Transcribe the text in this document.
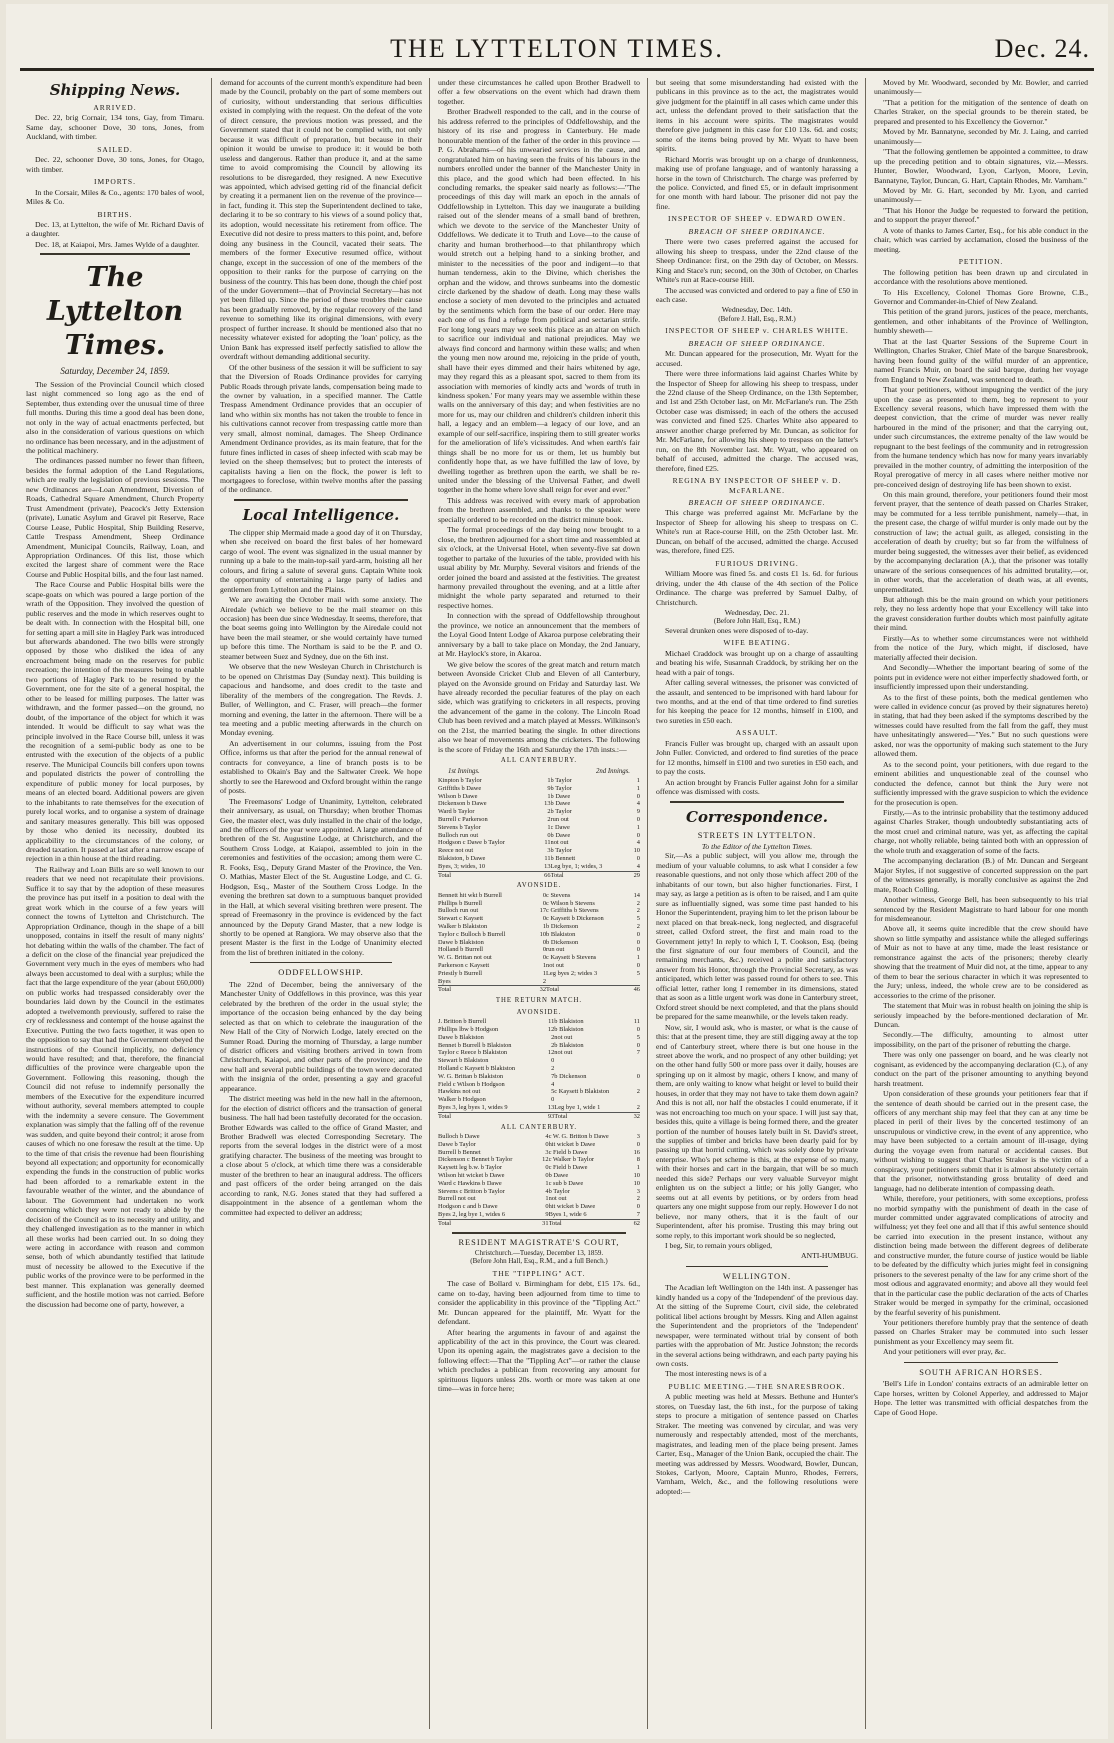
THE LYTTELTON TIMES.	Dec. 24.
Shipping News.
ARRIVED.

Dec. 22, brig Cornair, 134 tons, Gay, from Timaru. Same day, schooner Dove, 30 tons, Jones, from Auckland, with timber.

SAILED.

Dec. 22, schooner Dove, 30 tons, Jones, for Otago, with timber.

IMPORTS.

In the Corsair, Miles & Co., agents: 170 bales of wool, Miles & Co.

BIRTHS.

Dec. 13, at Lyttelton, the wife of Mr. Richard Davis of a daughter.

Dec. 18, at Kaiapoi, Mrs. James Wylde of a daughter.

The Lyttelton Times.
Saturday, December 24, 1859.

The Session of the Provincial Council which closed last night commenced so long ago as the end of September, thus extending over the unusual time of three full months. During this time a good deal has been done, not only in the way of actual enactments perfected, but also in the consideration of various questions on which no ordinance has been necessary, and in the adjustment of the political machinery.

The ordinances passed number no fewer than fifteen, besides the formal adoption of the Land Regulations, which are really the legislation of previous sessions. The new Ordinances are—Loan Amendment, Diversion of Roads, Cathedral Square Amendment, Church Property Trust Amendment (private), Peacock's Jetty Extension (private), Lunatic Asylum and Gravel pit Reserve, Race Course Lease, Public Hospital, Ship Building Reserve, Cattle Trespass Amendment, Sheep Ordinance Amendment, Municipal Councils, Railway, Loan, and Appropriation Ordinances. Of this list, those which excited the largest share of comment were the Race Course and Public Hospital bills, and the four last named.

The Race Course and Public Hospital bills were the scape-goats on which was poured a large portion of the wrath of the Opposition. They involved the question of public reserves and the mode in which reserves ought to be dealt with. In connection with the Hospital bill, one for setting apart a mill site in Hagley Park was introduced but afterwards abandoned. The two bills were strongly opposed by those who disliked the idea of any encroachment being made on the reserves for public recreation; the intention of the measures being to enable two portions of Hagley Park to be resumed by the Government, one for the site of a general hospital, the other to be leased for milling purposes. The latter was withdrawn, and the former passed—on the ground, no doubt, of the importance of the object for which it was intended. It would be difficult to say what was the principle involved in the Race Course bill, unless it was the recognition of a semi-public body as one to be entrusted with the execution of the objects of a public reserve. The Municipal Councils bill confers upon towns and populated districts the power of controlling the expenditure of public money for local purposes, by means of an elected board. Additional powers are given to the inhabitants to rate themselves for the execution of purely local works, and to organise a system of drainage and sanitary measures generally. This bill was opposed by those who denied its necessity, doubted its applicability to the circumstances of the colony, or dreaded taxation. It passed at last after a narrow escape of rejection in a thin house at the third reading.

The Railway and Loan Bills are so well known to our readers that we need not recapitulate their provisions. Suffice it to say that by the adoption of these measures the province has put itself in a position to deal with the great work which in the course of a few years will connect the towns of Lyttelton and Christchurch. The Appropriation Ordinance, though in the shape of a bill unopposed, contains in itself the result of many nights' hot debating within the walls of the chamber. The fact of a deficit on the close of the financial year prejudiced the Government very much in the eyes of members who had always been accustomed to deal with a surplus; while the fact that the large expenditure of the year (about £60,000) on public works had trespassed considerably over the boundaries laid down by the Council in the estimates adopted a twelvemonth previously, suffered to raise the cry of recklessness and contempt of the house against the Executive. Putting the two facts together, it was open to the opposition to say that had the Government obeyed the instructions of the Council implicitly, no deficiency would have resulted; and that, therefore, the financial difficulties of the province were chargeable upon the Government. Following this reasoning, though the Council did not refuse to indemnify personally the members of the Executive for the expenditure incurred without authority, several members attempted to couple with the indemnity a severe censure. The Government explanation was simply that the falling off of the revenue was sudden, and quite beyond their control; it arose from causes of which no one foresaw the result at the time. Up to the time of that crisis the revenue had been flourishing beyond all expectation; and opportunity for economically expending the funds in the construction of public works had been afforded to a remarkable extent in the favourable weather of the winter, and the abundance of labour. The Government had undertaken no work concerning which they were not ready to abide by the decision of the Council as to its necessity and utility, and they challenged investigation as to the manner in which all these works had been carried out. In so doing they were acting in accordance with reason and common sense, both of which abundantly testified that latitude must of necessity be allowed to the Executive if the public works of the province were to be performed in the best manner. This explanation was generally deemed sufficient, and the hostile motion was not carried. Before the discussion had become one of party, however, a

demand for accounts of the current month's expenditure had been made by the Council, probably on the part of some members out of curiosity, without understanding that serious difficulties existed in complying with the request. On the defeat of the vote of direct censure, the previous motion was pressed, and the Government stated that it could not be complied with, not only because it was difficult of preparation, but because in their opinion it would be unwise to produce it: it would be both useless and dangerous. Rather than produce it, and at the same time to avoid compromising the Council by allowing its resolutions to be disregarded, they resigned. A new Executive was appointed, which advised getting rid of the financial deficit by creating it a permanent lien on the revenue of the province—in fact, funding it. This step the Superintendent declined to take, declaring it to be so contrary to his views of a sound policy that, its adoption, would necessitate his retirement from office. The Executive did not desire to press matters to this point, and, before doing any business in the Council, vacated their seats. The members of the former Executive resumed office, without change, except in the succession of one of the members of the opposition to their ranks for the purpose of carrying on the business of the country. This has been done, though the chief post of the under Government—that of Provincial Secretary—has not yet been filled up. Since the period of these troubles their cause has been gradually removed, by the regular recovery of the land revenue to something like its original dimensions, with every prospect of further increase. It should be mentioned also that no necessity whatever existed for adopting the 'loan' policy, as the Union Bank has expressed itself perfectly satisfied to allow the overdraft without demanding additional security.

Of the other business of the session it will be sufficient to say that the Diversion of Roads Ordinance provides for carrying Public Roads through private lands, compensation being made to the owner by valuation, in a specified manner. The Cattle Trespass Amendment Ordinance provides that an occupier of land who within six months has not taken the trouble to fence in his cultivations cannot recover from trespassing cattle more than very small, almost nominal, damages. The Sheep Ordinance Amendment Ordinance provides, as its main feature, that for the future fines inflicted in cases of sheep infected with scab may be levied on the sheep themselves; but to protect the interests of capitalists having a lien on the flock, the power is left to mortgagees to foreclose, within twelve months after the passing of the ordinance.

Local Intelligence.

The clipper ship Mermaid made a good day of it on Thursday, when she received on board the first bales of her homeward cargo of wool. The event was signalized in the usual manner by running up a bale to the main-top-sail yard-arm, hoisting all her colours, and firing a salute of several guns. Captain White took the opportunity of entertaining a large party of ladies and gentlemen from Lyttelton and the Plains.

We are awaiting the October mail with some anxiety. The Airedale (which we believe to be the mail steamer on this occasion) has been due since Wednesday. It seems, therefore, that the boat seems going into Wellington by the Airedale could not have been the mail steamer, or she would certainly have turned up before this time. The Northam is said to be the P. and O. steamer between Suez and Sydney, due on the 6th inst.

We observe that the new Wesleyan Church in Christchurch is to be opened on Christmas Day (Sunday next). This building is capacious and handsome, and does credit to the taste and liberality of the members of the congregation. The Revds. J. Buller, of Wellington, and C. Fraser, will preach—the former morning and evening, the latter in the afternoon. There will be a tea meeting and a public meeting afterwards in the church on Monday evening.

An advertisement in our columns, issuing from the Post Office, informs us that after the period for the annual renewal of contracts for conveyance, a line of branch posts is to be established to Okain's Bay and the Saltwater Creek. We hope shortly to see the Harewood and Oxford brought within the range of posts.

The Freemasons' Lodge of Unanimity, Lyttelton, celebrated their anniversary, as usual, on Thursday; when brother Thomas Gee, the master elect, was duly installed in the chair of the lodge, and the officers of the year were appointed. A large attendance of brethren of the St. Augustine Lodge, at Christchurch, and the Southern Cross Lodge, at Kaiapoi, assembled to join in the ceremonies and festivities of the occasion; among them were C. R. Fooks, Esq., Deputy Grand Master of the Province, the Ven. O. Mathias, Master Elect of the St. Augustine Lodge, and C. G. Hodgson, Esq., Master of the Southern Cross Lodge. In the evening the brethren sat down to a sumptuous banquet provided in the Hall, at which several visiting brethren were present. The spread of Freemasonry in the province is evidenced by the fact announced by the Deputy Grand Master, that a new lodge is shortly to be opened at Rangiora. We may observe also that the present Master is the first in the Lodge of Unanimity elected from the list of brethren initiated in the colony.

ODDFELLOWSHIP.

The 22nd of December, being the anniversary of the Manchester Unity of Oddfellows in this province, was this year celebrated by the brethren of the order in the usual style; the importance of the occasion being enhanced by the day being selected as that on which to celebrate the inauguration of the New Hall of the City of Norwich Lodge, lately erected on the Sumner Road. During the morning of Thursday, a large number of district officers and visiting brothers arrived in town from Christchurch, Kaiapoi, and other parts of the province; and the new hall and several public buildings of the town were decorated with the insignia of the order, presenting a gay and graceful appearance.

The district meeting was held in the new hall in the afternoon, for the election of district officers and the transaction of general business. The hall had been tastefully decorated for the occasion. Brother Edwards was called to the office of Grand Master, and Brother Bradwell was elected Corresponding Secretary. The reports from the several lodges in the district were of a most gratifying character. The business of the meeting was brought to a close about 5 o'clock, at which time there was a considerable muster of the brethren to hear an inaugural address. The officers and past officers of the order being arranged on the dais according to rank, N.G. Jones stated that they had suffered a disappointment in the absence of a gentleman whom the committee had expected to deliver an address;

under these circumstances he called upon Brother Bradwell to offer a few observations on the event which had drawn them together.

Brother Bradwell responded to the call, and in the course of his address referred to the principles of Oddfellowship, and the history of its rise and progress in Canterbury. He made honourable mention of the father of the order in this province —P. G. Abrahams—of his unwearied services in the cause, and congratulated him on having seen the fruits of his labours in the numbers enrolled under the banner of the Manchester Unity in this place, and the good which had been effected. In his concluding remarks, the speaker said nearly as follows:—"The proceedings of this day will mark an epoch in the annals of Oddfellowship in Lyttelton. This day we inaugurate a building raised out of the slender means of a small band of brethren, which we devote to the service of the Manchester Unity of Oddfellows. We dedicate it to Truth and Love—to the cause of charity and human brotherhood—to that philanthropy which would stretch out a helping hand to a sinking brother, and minister to the necessities of the poor and indigent—to that human tenderness, akin to the Divine, which cherishes the orphan and the widow, and throws sunbeams into the domestic circle darkened by the shadow of death. Long may these walls enclose a society of men devoted to the principles and actuated by the sentiments which form the base of our order. Here may each one of us find a refuge from political and sectarian strife. For long long years may we seek this place as an altar on which to sacrifice our individual and national prejudices. May we always find concord and harmony within these walls; and when the young men now around me, rejoicing in the pride of youth, shall have their eyes dimmed and their hairs whitened by age, may they regard this as a pleasant spot, sacred to them from its association with memories of kindly acts and 'words of truth in kindness spoken.' For many years may we assemble within these walls on the anniversary of this day; and when festivities are no more for us, may our children and children's children inherit this hall, a legacy and an emblem—a legacy of our love, and an example of our self-sacrifice, inspiring them to still greater works for the amelioration of life's vicissitudes. And when earth's fair things shall be no more for us or them, let us humbly but confidently hope that, as we have fulfilled the law of love, by dwelling together as brethren upon the earth, we shall be re-united under the blessing of the Universal Father, and dwell together in the home where love shall reign for ever and ever."

This address was received with every mark of approbation from the brethren assembled, and thanks to the speaker were specially ordered to be recorded on the district minute book.

The formal proceedings of the day being now brought to a close, the brethren adjourned for a short time and reassembled at six o'clock, at the Universal Hotel, when seventy-five sat down together to partake of the luxuries of the table, provided with his usual ability by Mr. Murphy. Several visitors and friends of the order joined the board and assisted at the festivities. The greatest harmony prevailed throughout the evening, and at a little after midnight the whole party separated and returned to their respective homes.

In connection with the spread of Oddfellowship throughout the province, we notice an announcement that the members of the Loyal Good Intent Lodge of Akaroa purpose celebrating their anniversary by a ball to take place on Monday, the 2nd January, at Mr. Haylock's store, in Akaroa.

We give below the scores of the great match and return match between Avonside Cricket Club and Eleven of all Canterbury, played on the Avonside ground on Friday and Saturday last. We have already recorded the peculiar features of the play on each side, which was gratifying to cricketers in all respects, proving the advancement of the game in the colony. The Lincoln Road Club has been revived and a match played at Messrs. Wilkinson's on the 21st, the married beating the single. In other directions also we hear of movements among the cricketers. The following is the score of Friday the 16th and Saturday the 17th insts.:—

ALL CANTERBURY.
1st Innings.	2nd Innings.
Kinpton b Taylor	1	b Taylor	1
Griffiths b Dawe	9	b Taylor	1
Wilson b Dawe	1	b Dawe	0
Dickenson b Dawe	13	b Dawe	4
Ward b Taylor	2	b Taylor	9
Burrell c Parkerson	2	run out	0
Stevens b Taylor	1	c Dawe	1
Bulloch run out	0	b Dawe	0
Hodgson c Dawe b Taylor	11	not out	4
Reece not out	3	b Taylor	10
Blakiston, b Dawe	11	b Bennett	0
Byes, 3; wides, 10	13	Leg bye, 1; wides, 3	4
Total	66	Total	29
AVONSIDE.
Bennett hit wkt b Burrell	0	c Stevens	14
Phillips b Burrell	0	c Wilson b Stevens	2
Bulloch run out	17	c Griffiths b Stevens	2
Stewart c Kaysett	0	c Kaysett b Dickenson	5
Walker b Blakiston	1	b Dickenson	2
Taylor c Bulloch b Burrell	10	b Blakiston	0
Dawe b Blakiston	0	b Dickenson	0
Holland b Burrell	0	run out	0
W. G. Brittan not out	0	c Kaysett b Stevens	1
Parkerson c Kaysett	1	not out	0
Priestly b Burrell	1	Leg byes 2; wides 3	5
Byes	2		
Total	32	Total	46
THE RETURN MATCH.
AVONSIDE.
J. Britton b Burrell	11	b Blakiston	11
Phillips lbw b Hodgson	12	b Blakiston	0
Dawe b Blakiston	2	not out	5
Bennet b Burrell b Blakiston	2	b Blakiston	0
Taylor c Reece b Blakiston	12	not out	7
Stewart b Blakiston	0		
Holland c Kaysett b Blakiston	2		
W. G. Brittan b Blakiston	7	b Dickenson	0
Field c Wilson b Hodgson	4		
Hawkins not out	5	c Kaysett b Blakiston	2
Walker b Hodgson	0		
Byes 3, leg byes 1, wides 9	13	Leg bye 1, wide 1	2
Total	93	Total	32
ALL CANTERBURY.
Bulloch b Dawe	4	c W. G. Britton b Dawe	3
Dawe b Taylor	0	hit wicket b Dawe	0
Burrell b Bennet	3	c Field b Dawe	16
Dickenson c Bennet b Taylor	12	c Walker b Taylor	8
Kaysett leg b.w. b Taylor	0	c Field b Dawe	1
Wilson hit wicket b Dawe	0	b Dawe	10
Ward c Hawkins b Dawe	1	c sub b Dawe	10
Stevens c Britton b Taylor	4	b Taylor	3
Burrell not out	1	not out	2
Hodgson c and b Dawe	0	hit wicket b Dawe	0
Byes 2, leg bye 1, wides 6	9	Byes 1, wide 6	7
Total	31	Total	62
RESIDENT MAGISTRATE'S COURT,
Christchurch.—Tuesday, December 13, 1859.
(Before John Hall, Esq., R.M., and a full Bench.)
THE "TIPPLING" ACT.

The case of Bollard v. Birmingham for debt, £15 17s. 6d., came on to-day, having been adjourned from time to time to consider the applicability in this province of the "Tippling Act." Mr. Duncan appeared for the plaintiff, Mr. Wyatt for the defendant.

After hearing the arguments in favour of and against the applicability of the act in this province, the Court was cleared. Upon its opening again, the magistrates gave a decision to the following effect:—That the "Tippling Act"—or rather the clause which precludes a publican from recovering any amount for spirituous liquors unless 20s. worth or more was taken at one time—was in force here;

but seeing that some misunderstanding had existed with the publicans in this province as to the act, the magistrates would give judgment for the plaintiff in all cases which came under this act, unless the defendant proved to their satisfaction that the items in his account were spirits. The magistrates would therefore give judgment in this case for £10 13s. 6d. and costs; some of the items being proved by Mr. Wyatt to have been spirits.

Richard Morris was brought up on a charge of drunkenness, making use of profane language, and of wantonly harassing a horse in the town of Christchurch. The charge was preferred by the police. Convicted, and fined £5, or in default imprisonment for one month with hard labour. The prisoner did not pay the fine.

INSPECTOR OF SHEEP v. EDWARD OWEN.
BREACH OF SHEEP ORDINANCE.

There were two cases preferred against the accused for allowing his sheep to trespass, under the 22nd clause of the Sheep Ordinance: first, on the 29th day of October, on Messrs. King and Stace's run; second, on the 30th of October, on Charles White's run at Race-course Hill.

The accused was convicted and ordered to pay a fine of £50 in each case.

Wednesday, Dec. 14th.
(Before J. Hall, Esq., R.M.)
INSPECTOR OF SHEEP v. CHARLES WHITE.
BREACH OF SHEEP ORDINANCE.

Mr. Duncan appeared for the prosecution, Mr. Wyatt for the accused.

There were three informations laid against Charles White by the Inspector of Sheep for allowing his sheep to trespass, under the 22nd clause of the Sheep Ordinance, on the 13th September, and 1st and 25th October last, on Mr. McFarlane's run. The 25th October case was dismissed; in each of the others the accused was convicted and fined £25. Charles White also appeared to answer another charge preferred by Mr. Duncan, as solicitor for Mr. McFarlane, for allowing his sheep to trespass on the latter's run, on the 8th November last. Mr. Wyatt, who appeared on behalf of accused, admitted the charge. The accused was, therefore, fined £25.

REGINA BY INSPECTOR OF SHEEP v. D. McFARLANE.
BREACH OF SHEEP ORDINANCE.

This charge was preferred against Mr. McFarlane by the Inspector of Sheep for allowing his sheep to trespass on C. White's run at Race-course Hill, on the 25th October last. Mr. Duncan, on behalf of the accused, admitted the charge. Accused was, therefore, fined £25.

FURIOUS DRIVING.

William Moore was fined 5s. and costs £1 1s. 6d. for furious driving, under the 4th clause of the 4th section of the Police Ordinance. The charge was preferred by Samuel Dalby, of Christchurch.

Wednesday, Dec. 21.
(Before John Hall, Esq., R.M.)

Several drunken ones were disposed of to-day.

WIFE BEATING.

Michael Craddock was brought up on a charge of assaulting and beating his wife, Susannah Craddock, by striking her on the head with a pair of tongs.

After calling several witnesses, the prisoner was convicted of the assault, and sentenced to be imprisoned with hard labour for two months, and at the end of that time ordered to find sureties for his keeping the peace for 12 months, himself in £100, and two sureties in £50 each.

ASSAULT.

Francis Fuller was brought up, charged with an assault upon John Fuller. Convicted, and ordered to find sureties of the peace for 12 months, himself in £100 and two sureties in £50 each, and to pay the costs.

An action brought by Francis Fuller against John for a similar offence was dismissed with costs.

Correspondence.
STREETS IN LYTTELTON.
To the Editor of the Lyttelton Times.

Sir,—As a public subject, will you allow me, through the medium of your valuable columns, to ask what I consider a few reasonable questions, and not only those which affect 200 of the inhabitants of our town, but also higher functionaries. First, I may say, as large a petition as is often to be raised, and I am quite sure as influentially signed, was some time past handed to his Honor the Superintendent, praying him to let the prison labour be next placed on that break-neck, long neglected, and disgraceful street, called Oxford street, the first and main road to the Government jetty! In reply to which I, T. Cookson, Esq. (being the first signature of our four members of Council, and the remaining merchants, &c.) received a polite and satisfactory answer from his Honor, through the Provincial Secretary, as was anticipated, which letter was passed round for others to see. This official letter, rather long I remember in its dimensions, stated that as soon as a little urgent work was done in Canterbury street, Oxford street should be next completed, and that the plans should be prepared for the same meanwhile, or the levels taken ready.

Now, sir, I would ask, who is master, or what is the cause of this: that at the present time, they are still digging away at the top end of Canterbury street, where there is but one house in the street above the work, and no prospect of any other building; yet on the other hand fully 500 or more pass over it daily, houses are springing up on it almost by magic, others I know, and many of them, are only waiting to know what height or level to build their houses, in order that they may not have to take them down again? And this is not all, nor half the obstacles I could enumerate, if it was not encroaching too much on your space. I will just say that, besides this, quite a village is being formed there, and the greater portion of the number of houses lately built in St. David's street, the supplies of timber and bricks have been dearly paid for by passing up that horrid cutting, which was solely done by private enterprise. Who's pet scheme is this, at the expense of so many, with their horses and cart in the bargain, that will be so much needed this side? Perhaps our very valuable Surveyor might enlighten us on the subject a little; or his jolly Ganger, who seems out at all events by petitions, or by orders from head quarters any one might suppose from our reply. However I do not believe, nor many others, that it is the fault of our Superintendent, after his promise. Trusting this may bring out some reply, to this important work should be so neglected,

I beg, Sir, to remain yours obliged,

ANTI-HUMBUG.
WELLINGTON.

The Acadian left Wellington on the 14th inst. A passenger has kindly handed us a copy of the 'Independent' of the previous day. At the sitting of the Supreme Court, civil side, the celebrated political libel actions brought by Messrs. King and Allen against the Superintendent and the proprietors of the 'Independent' newspaper, were terminated without trial by consent of both parties with the approbation of Mr. Justice Johnston; the records in the several actions being withdrawn, and each party paying his own costs.

The most interesting news is of a

PUBLIC MEETING.—THE SNARESBROOK.

A public meeting was held at Messrs. Bethune and Hunter's stores, on Tuesday last, the 6th inst., for the purpose of taking steps to procure a mitigation of sentence passed on Charles Straker. The meeting was convened by circular, and was very numerously and respectably attended, most of the merchants, magistrates, and leading men of the place being present. James Carter, Esq., Manager of the Union Bank, occupied the chair. The meeting was addressed by Messrs. Woodward, Bowler, Duncan, Stokes, Carlyon, Moore, Captain Munro, Rhodes, Ferrers, Varnham, Welch, &c., and the following resolutions were adopted:—

Moved by Mr. Woodward, seconded by Mr. Bowler, and carried unanimously—

"That a petition for the mitigation of the sentence of death on Charles Straker, on the special grounds to be therein stated, be prepared and presented to his Excellency the Governor."

Moved by Mr. Bannatyne, seconded by Mr. J. Laing, and carried unanimously—

"That the following gentlemen be appointed a committee, to draw up the preceding petition and to obtain signatures, viz.—Messrs. Hunter, Bowler, Woodward, Lyon, Carlyon, Moore, Levin, Bannatyne, Taylor, Duncan, G. Hart, Captain Rhodes, Mr. Varnham."

Moved by Mr. G. Hart, seconded by Mr. Lyon, and carried unanimously—

"That his Honor the Judge be requested to forward the petition, and to support the prayer thereof."

A vote of thanks to James Carter, Esq., for his able conduct in the chair, which was carried by acclamation, closed the business of the meeting.

PETITION.

The following petition has been drawn up and circulated in accordance with the resolutions above mentioned.

To His Excellency, Colonel Thomas Gore Browne, C.B., Governor and Commander-in-Chief of New Zealand.

This petition of the grand jurors, justices of the peace, merchants, gentlemen, and other inhabitants of the Province of Wellington, humbly sheweth—

That at the last Quarter Sessions of the Supreme Court in Wellington, Charles Straker, Chief Mate of the barque Snaresbrook, having been found guilty of the wilful murder of an apprentice, named Francis Muir, on board the said barque, during her voyage from England to New Zealand, was sentenced to death.

That your petitioners, without impugning the verdict of the jury upon the case as presented to them, beg to represent to your Excellency several reasons, which have impressed them with the deepest conviction, that the crime of murder was never really harboured in the mind of the prisoner; and that the carrying out, under such circumstances, the extreme penalty of the law would be repugnant to the best feelings of the community and in retrogression from the humane tendency which has now for many years invariably prevailed in the mother country, of admitting the interposition of the Royal prerogative of mercy in all cases where neither motive nor pre-conceived design of destroying life has been shown to exist.

On this main ground, therefore, your petitioners found their most fervent prayer, that the sentence of death passed on Charles Straker, may be commuted for a less terrible punishment, namely—that, in the present case, the charge of wilful murder is only made out by the construction of law; the actual guilt, as alleged, consisting in the acceleration of death by cruelty; but so far from the wilfulness of murder being suggested, the witnesses aver their belief, as evidenced by the accompanying declaration (A.), that the prisoner was totally unaware of the serious consequences of his admitted brutality,—or, in other words, that the acceleration of death was, at all events, unpremeditated.

But although this be the main ground on which your petitioners rely, they no less ardently hope that your Excellency will take into the gravest consideration further doubts which most painfully agitate their mind.

Firstly—As to whether some circumstances were not withheld from the notice of the Jury, which might, if disclosed, have materially affected their decision.

And Secondly—Whether the important bearing of some of the points put in evidence were not either imperfectly shadowed forth, or insufficiently impressed upon their understanding.

As to the first of these points, both the medical gentlemen who were called in evidence concur (as proved by their signatures hereto) in stating, that had they been asked if the symptoms described by the witnesses could have resulted from the fall from the gaff, they must have unhesitatingly answered—"Yes." But no such questions were asked, nor was the opportunity of making such statement to the Jury allowed them.

As to the second point, your petitioners, with due regard to the eminent abilities and unquestionable zeal of the counsel who conducted the defence, cannot but think the Jury were not sufficiently impressed with the grave suspicion to which the evidence for the prosecution is open.

Firstly,—As to the intrinsic probability that the testimony adduced against Charles Straker, though undoubtedly substantiating acts of the most cruel and criminal nature, was yet, as affecting the capital charge, not wholly reliable, being tainted both with an oppression of the whole truth and exaggeration of some of the facts.

The accompanying declaration (B.) of Mr. Duncan and Sergeant Major Styles, if not suggestive of concerted suppression on the part of the witnesses generally, is morally conclusive as against the 2nd mate, Roach Colling.

Another witness, George Bell, has been subsequently to his trial sentenced by the Resident Magistrate to hard labour for one month for misdemeanour.

Above all, it seems quite incredible that the crew should have shown so little sympathy and assistance while the alleged sufferings of Muir as not to have at any time, made the least resistance or remonstrance against the acts of the prisoners; thereby clearly showing that the treatment of Muir did not, at the time, appear to any of them to bear the serious character in which it was represented to the Jury; unless, indeed, the whole crew are to be considered as accessories to the crime of the prisoner.

The statement that Muir was in robust health on joining the ship is seriously impeached by the before-mentioned declaration of Mr. Duncan.

Secondly.—The difficulty, amounting to almost utter impossibility, on the part of the prisoner of rebutting the charge.

There was only one passenger on board, and he was clearly not cognisant, as evidenced by the accompanying declaration (C.), of any conduct on the part of the prisoner amounting to anything beyond harsh treatment.

Upon consideration of these grounds your petitioners fear that if the sentence of death should be carried out in the present case, the officers of any merchant ship may feel that they can at any time be placed in peril of their lives by the concerted testimony of an unscrupulous or vindictive crew, in the event of any apprentice, who may have been subjected to a certain amount of ill-usage, dying during the voyage even from natural or accidental causes. But without wishing to suggest that Charles Straker is the victim of a conspiracy, your petitioners submit that it is almost absolutely certain that the prisoner, notwithstanding gross brutality of deed and language, had no deliberate intention of compassing death.

While, therefore, your petitioners, with some exceptions, profess no morbid sympathy with the punishment of death in the case of murder committed under aggravated complications of atrocity and wilfulness; yet they feel one and all that if this awful sentence should be carried into execution in the present instance, without any distinction being made between the different degrees of deliberate and constructive murder, the future course of justice would be liable to be defeated by the difficulty which juries might feel in consigning prisoners to the severest penalty of the law for any crime short of the most odious and aggravated enormity; and above all they would feel that in the particular case the public declaration of the acts of Charles Straker would be merged in sympathy for the criminal, occasioned by the fearful severity of his punishment.

Your petitioners therefore humbly pray that the sentence of death passed on Charles Straker may be commuted into such lesser punishment as your Excellency may seem fit.

And your petitioners will ever pray, &c.

SOUTH AFRICAN HORSES.

'Bell's Life in London' contains extracts of an admirable letter on Cape horses, written by Colonel Apperley, and addressed to Major Hope. The letter was transmitted with official despatches from the Cape of Good Hope.
